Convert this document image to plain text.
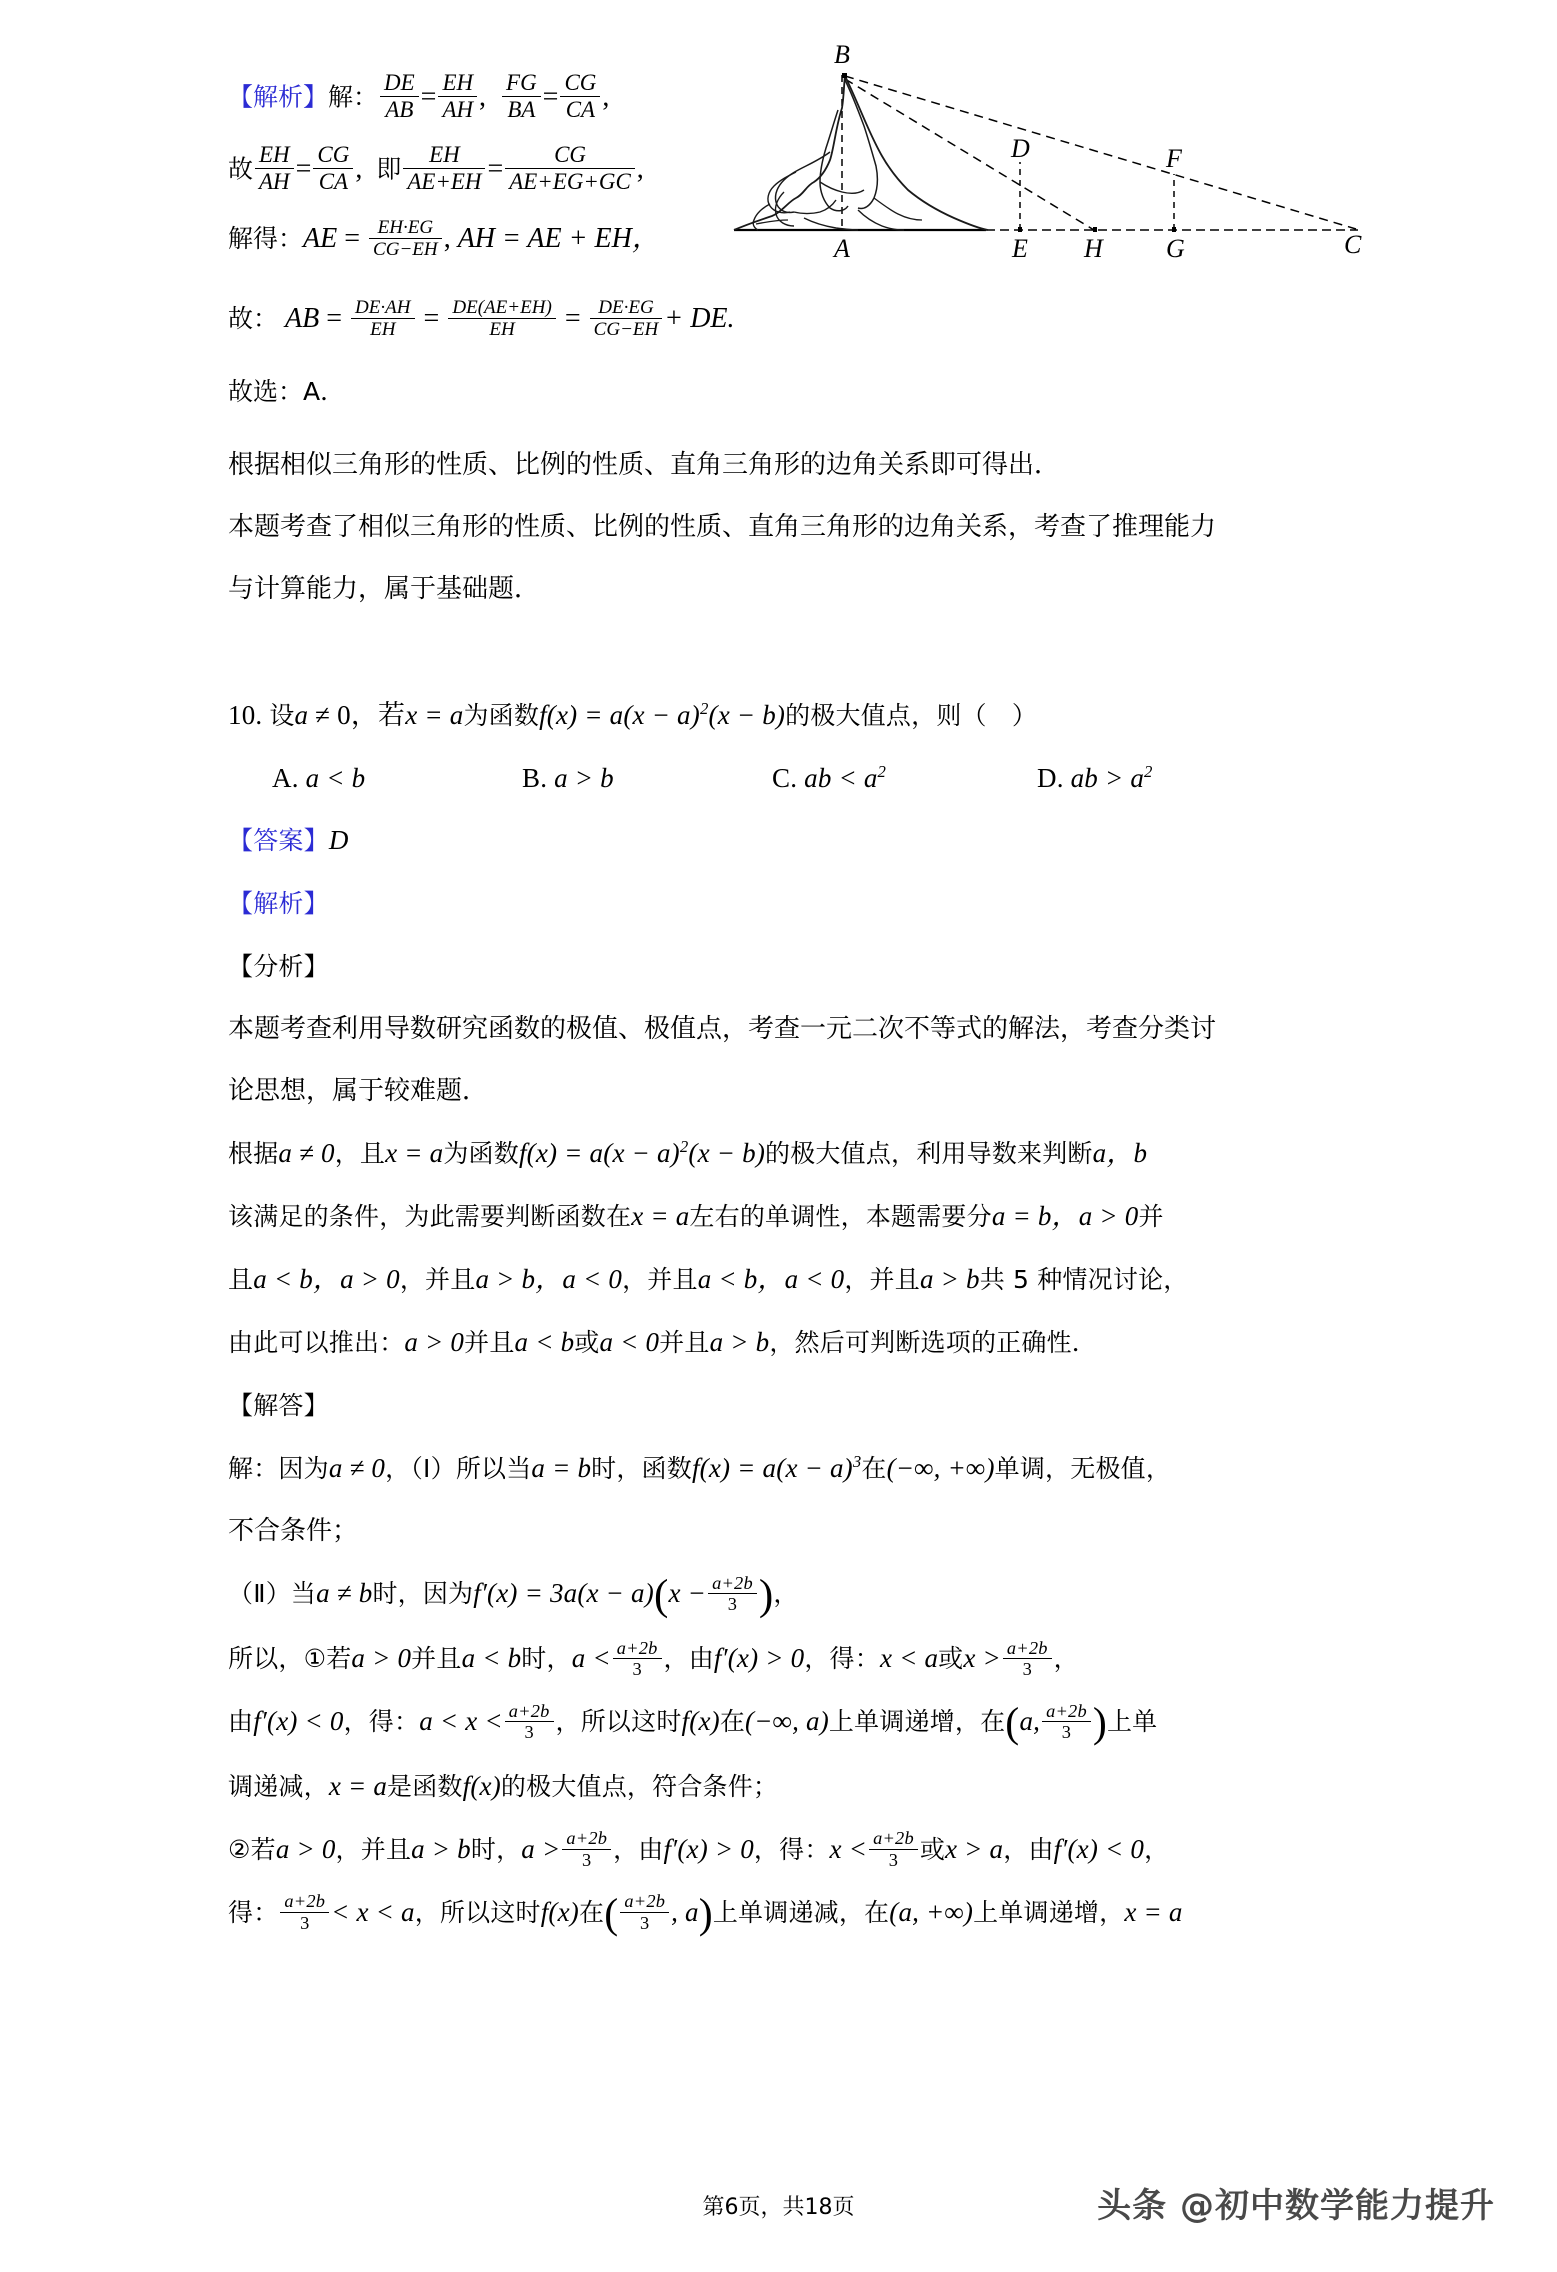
【解析】解： $\frac{DE}{AB} = \frac{EH}{AH}$ , $\frac{FG}{BA} = \frac{CG}{CA}$ ,
故 $\frac{EH}{AH} = \frac{CG}{CA}$ , 即 $\frac{EH}{AE+EH} = \frac{CG}{AE+EG+GC}$ ,
解得：AE = $\frac{EH\cdot EG}{CG-EH}$ , AH = AE + EH，
故： AB = $\frac{DE\cdot AH}{EH} = \frac{DE(AE+EH)}{EH} = \frac{DE\cdot EG}{CG-EH}$ + DE.
故选：A．
B
D	F
A	E H G	C
根据相似三角形的性质、比例的性质、直角三角形的边角关系即可得出．
本题考查了相似三角形的性质、比例的性质、直角三角形的边角关系，考查了推理能力
与计算能力，属于基础题．
10. 设a ≠ 0，若x = a为函数$f(x) = a(x - a)^2(x - b)$的极大值点，则（　）
A. a < b	B. a > b	C. ab < $a^2$	D. ab > $a^2$
【答案】D
【解析】
【分析】
本题考查利用导数研究函数的极值、极值点，考查一元二次不等式的解法，考查分类讨
论思想，属于较难题．
根据a ≠ 0，且x = a为函数$f(x) = a(x - a)^2(x - b)$的极大值点，利用导数来判断a，b
该满足的条件，为此需要判断函数在x = a左右的单调性，本题需要分a = b，a > 0并
且a < b，a > 0，并且a > b，a < 0，并且a < b，a < 0，并且a > b共 5 种情况讨论，
由此可以推出：a > 0并且a < b或a < 0并且a > b，然后可判断选项的正确性．
【解答】
解：因为a ≠ 0，（Ⅰ）所以当a = b时，函数$f(x) = a(x - a)^3$在(−∞, +∞)单调，无极值，
不合条件；
（Ⅱ）当a ≠ b时，因为$f'(x) = 3a(x - a)(x - \frac{a+2b}{3}$ )，
所以，①若a > 0并且a < b时，$a < \frac{a+2b}{3}$ ，由f′(x) > 0，得：x < a或$x > \frac{a+2b}{3}$ ，
由f′(x) < 0，得：$a < x < \frac{a+2b}{3}$ ，所以这时f(x)在(−∞, a)上单调递增，在(a, $\frac{a+2b}{3}$ )上单
调递减，x = a是函数f(x)的极大值点，符合条件；
②若a > 0，并且a > b时，$a > \frac{a+2b}{3}$ ，由f′(x) > 0，得：$x < \frac{a+2b}{3}$ 或x > a，由f′(x) < 0，
得： $\frac{a+2b}{3} < x < a$，所以这时f(x)在( $\frac{a+2b}{3}$ , a)上单调递减，在(a, +∞)上单调递增，x = a
第6页，共18页	头条 @初中数学能力提升
